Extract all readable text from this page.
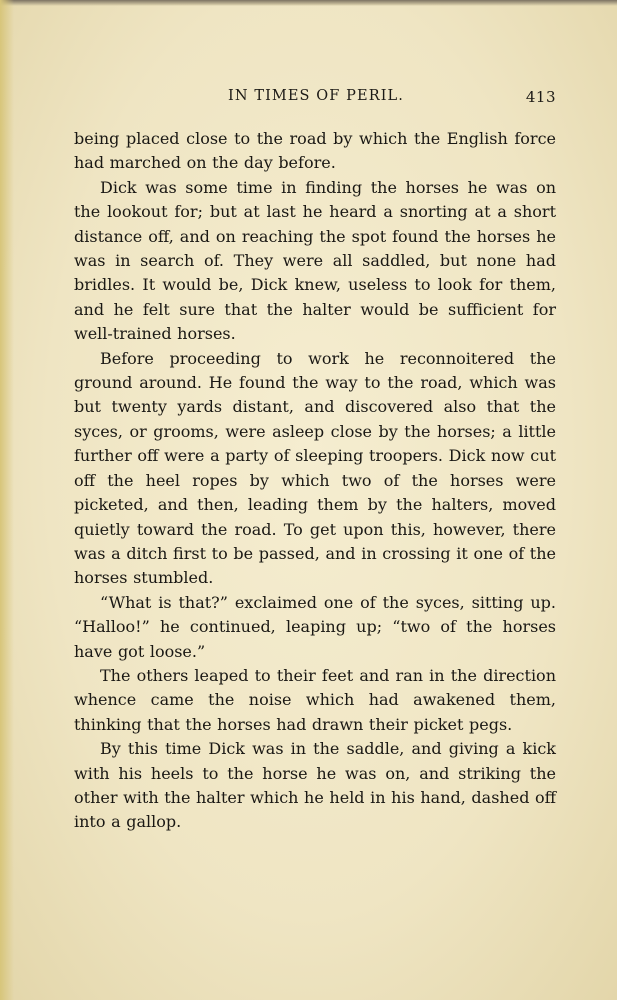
IN TIMES OF PERIL.	413

being placed close to the road by which the English force had marched on the day before.

Dick was some time in finding the horses he was on the lookout for; but at last he heard a snorting at a short distance off, and on reaching the spot found the horses he was in search of. They were all saddled, but none had bridles. It would be, Dick knew, useless to look for them, and he felt sure that the halter would be sufficient for well-trained horses.

Before proceeding to work he reconnoitered the ground around. He found the way to the road, which was but twenty yards distant, and discovered also that the syces, or grooms, were asleep close by the horses; a little further off were a party of sleeping troopers. Dick now cut off the heel ropes by which two of the horses were picketed, and then, leading them by the halters, moved quietly toward the road. To get upon this, however, there was a ditch first to be passed, and in crossing it one of the horses stumbled.

“What is that?” exclaimed one of the syces, sitting up. “Halloo!” he continued, leaping up; “two of the horses have got loose.”

The others leaped to their feet and ran in the direction whence came the noise which had awakened them, thinking that the horses had drawn their picket pegs.

By this time Dick was in the saddle, and giving a kick with his heels to the horse he was on, and striking the other with the halter which he held in his hand, dashed off into a gallop.
